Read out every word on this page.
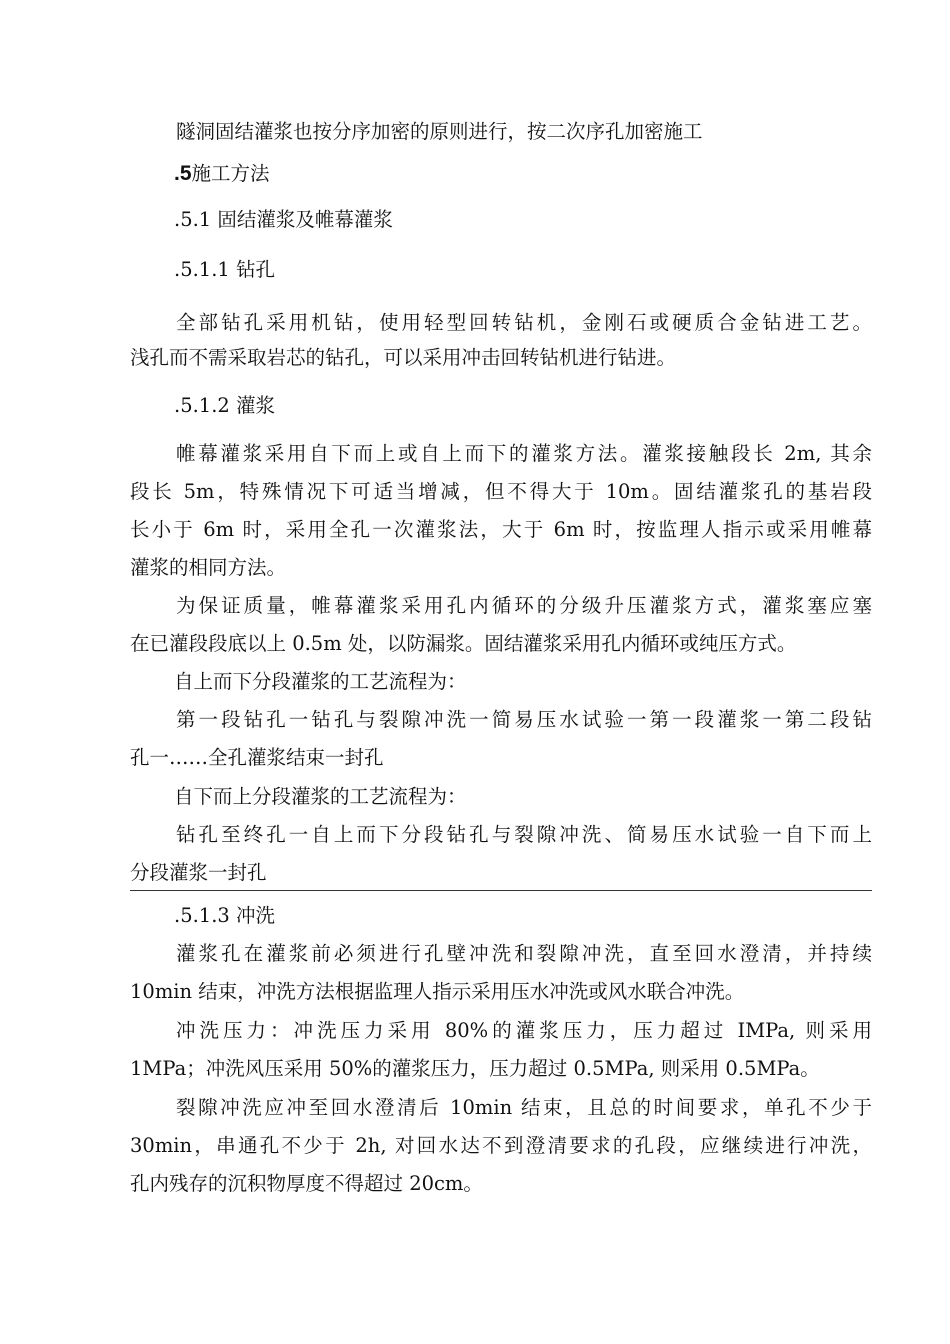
隧洞固结灌浆也按分序加密的原则进行，按二次序孔加密施工
.5施工方法
.5.1 固结灌浆及帷幕灌浆
.5.1.1 钻孔
全部钻孔采用机钻，使用轻型回转钻机，金刚石或硬质合金钻进工艺。
浅孔而不需采取岩芯的钻孔，可以采用冲击回转钻机进行钻进。
.5.1.2 灌浆
帷幕灌浆采用自下而上或自上而下的灌浆方法。灌浆接触段长 2m, 其余
段长 5m，特殊情况下可适当增减，但不得大于 10m。固结灌浆孔的基岩段
长小于 6m 时，采用全孔一次灌浆法，大于 6m 时，按监理人指示或采用帷幕
灌浆的相同方法。
为保证质量，帷幕灌浆采用孔内循环的分级升压灌浆方式，灌浆塞应塞
在已灌段段底以上 0.5m 处，以防漏浆。固结灌浆采用孔内循环或纯压方式。
自上而下分段灌浆的工艺流程为：
第一段钻孔一钻孔与裂隙冲洗一简易压水试验一第一段灌浆一第二段钻
孔一……全孔灌浆结束一封孔
自下而上分段灌浆的工艺流程为：
钻孔至终孔一自上而下分段钻孔与裂隙冲洗、简易压水试验一自下而上
分段灌浆一封孔
.5.1.3 冲洗
灌浆孔在灌浆前必须进行孔壁冲洗和裂隙冲洗，直至回水澄清，并持续
10min 结束，冲洗方法根据监理人指示采用压水冲洗或风水联合冲洗。
冲洗压力：冲洗压力采用 80%的灌浆压力，压力超过 IMPa, 则采用
1MPa；冲洗风压采用 50%的灌浆压力，压力超过 0.5MPa, 则采用 0.5MPa。
裂隙冲洗应冲至回水澄清后 10min 结束，且总的时间要求，单孔不少于
30min，串通孔不少于 2h, 对回水达不到澄清要求的孔段，应继续进行冲洗，
孔内残存的沉积物厚度不得超过 20cm。
